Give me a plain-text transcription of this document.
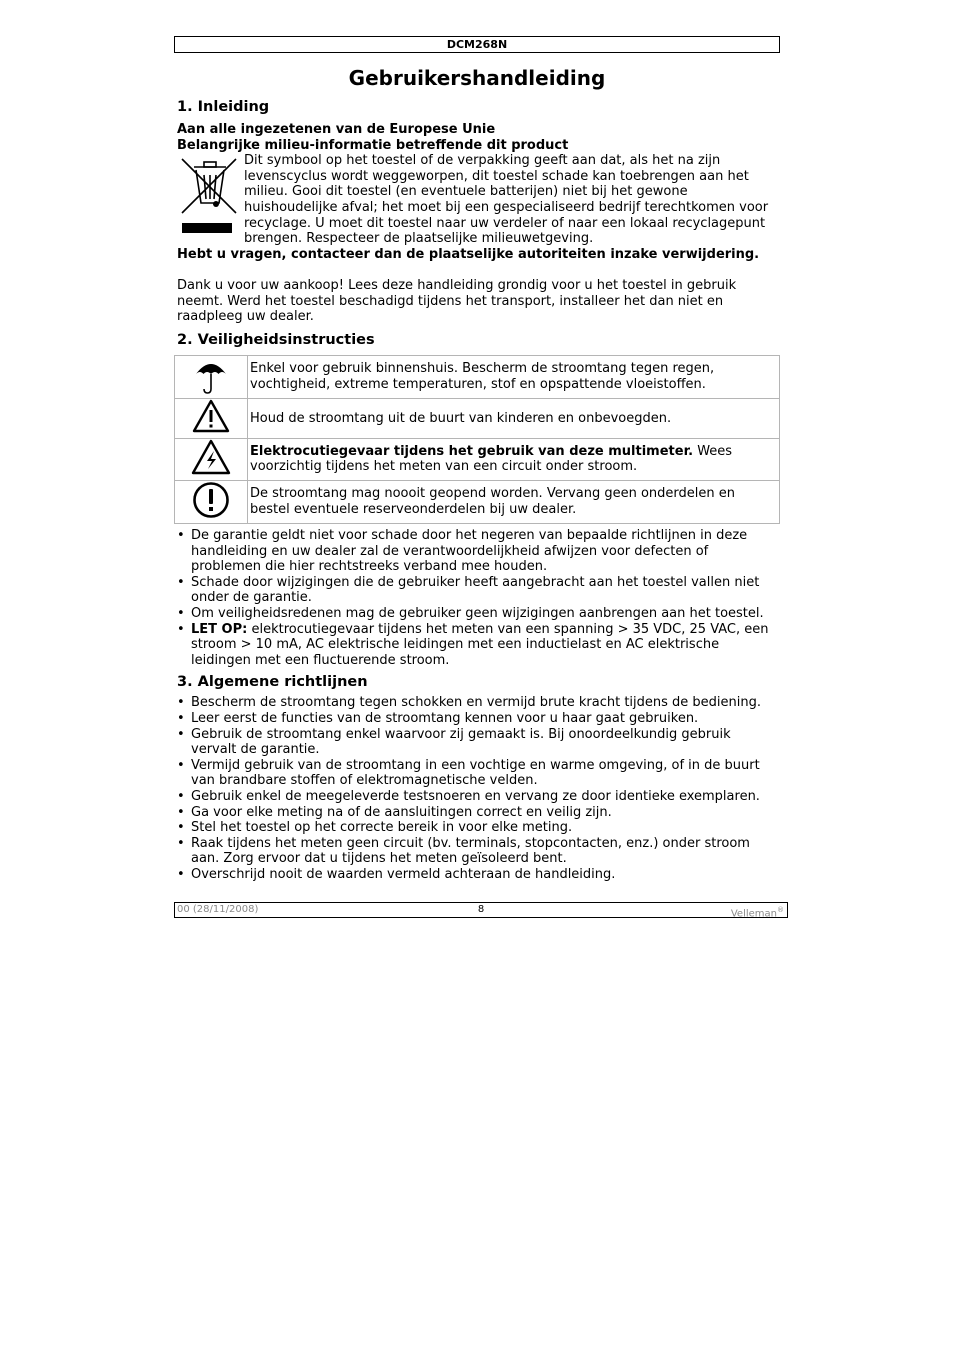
DCM268N
Gebruikershandleiding
1. Inleiding

Aan alle ingezetenen van de Europese Unie

Belangrijke milieu-informatie betreffende dit product

Dit symbool op het toestel of de verpakking geeft aan dat, als het na zijn levenscyclus wordt weggeworpen, dit toestel schade kan toebrengen aan het milieu. Gooi dit toestel (en eventuele batterijen) niet bij het gewone huishoudelijke afval; het moet bij een gespecialiseerd bedrijf terechtkomen voor recyclage. U moet dit toestel naar uw verdeler of naar een lokaal recyclagepunt brengen. Respecteer de plaatselijke milieuwetgeving.

Hebt u vragen, contacteer dan de plaatselijke autoriteiten inzake verwijdering.

Dank u voor uw aankoop! Lees deze handleiding grondig voor u het toestel in gebruik neemt. Werd het toestel beschadigd tijdens het transport, installeer het dan niet en raadpleeg uw dealer.

2. Veiligheidsinstructies
	Enkel voor gebruik binnenshuis. Bescherm de stroomtang tegen regen, vochtigheid, extreme temperaturen, stof en opspattende vloeistoffen.
	Houd de stroomtang uit de buurt van kinderen en onbevoegden.
	Elektrocutiegevaar tijdens het gebruik van deze multimeter. Wees voorzichtig tijdens het meten van een circuit onder stroom.
	De stroomtang mag noooit geopend worden. Vervang geen onderdelen en bestel eventuele reserveonderdelen bij uw dealer.
• De garantie geldt niet voor schade door het negeren van bepaalde richtlijnen in deze handleiding en uw dealer zal de verantwoordelijkheid afwijzen voor defecten of problemen die hier rechtstreeks verband mee houden.
• Schade door wijzigingen die de gebruiker heeft aangebracht aan het toestel vallen niet onder de garantie.
• Om veiligheidsredenen mag de gebruiker geen wijzigingen aanbrengen aan het toestel.
• LET OP: elektrocutiegevaar tijdens het meten van een spanning > 35 VDC, 25 VAC, een stroom > 10 mA, AC elektrische leidingen met een inductielast en AC elektrische leidingen met een fluctuerende stroom.
3. Algemene richtlijnen
• Bescherm de stroomtang tegen schokken en vermijd brute kracht tijdens de bediening.
• Leer eerst de functies van de stroomtang kennen voor u haar gaat gebruiken.
• Gebruik de stroomtang enkel waarvoor zij gemaakt is. Bij onoordeelkundig gebruik vervalt de garantie.
• Vermijd gebruik van de stroomtang in een vochtige en warme omgeving, of in de buurt van brandbare stoffen of elektromagnetische velden.
• Gebruik enkel de meegeleverde testsnoeren en vervang ze door identieke exemplaren.
• Ga voor elke meting na of de aansluitingen correct en veilig zijn.
• Stel het toestel op het correcte bereik in voor elke meting.
• Raak tijdens het meten geen circuit (bv. terminals, stopcontacten, enz.) onder stroom aan. Zorg ervoor dat u tijdens het meten geïsoleerd bent.
• Overschrijd nooit de waarden vermeld achteraan de handleiding.
00 (28/11/2008)	8	Velleman®
